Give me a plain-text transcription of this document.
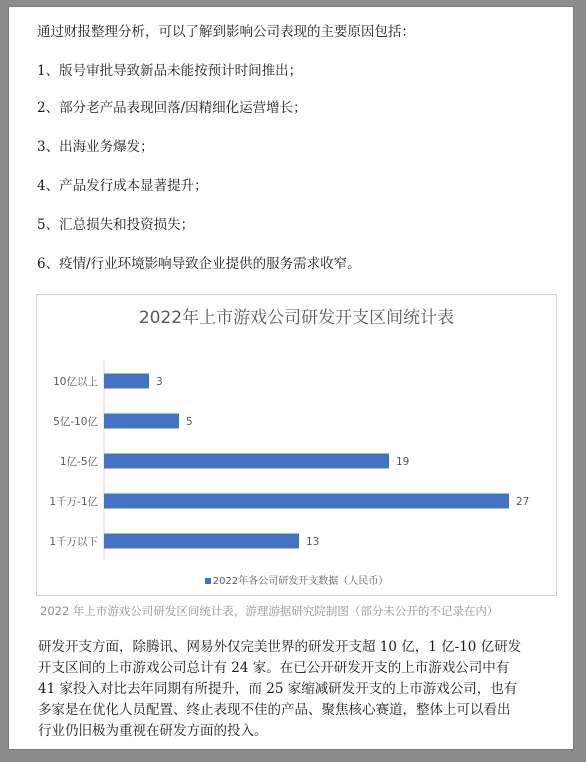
通过财报整理分析，可以了解到影响公司表现的主要原因包括：
1、版号审批导致新品未能按预计时间推出；
2、部分老产品表现回落/因精细化运营增长；
3、出海业务爆发；
4、产品发行成本显著提升；
5、汇总损失和投资损失；
6、疫情/行业环境影响导致企业提供的服务需求收窄。
2022年上市游戏公司研发开支区间统计表
10亿以上	3
5亿-10亿	5
1亿-5亿	19
1千万-1亿	27
1千万以下	13
2022年各公司研发开支数据（人民币）
2022 年上市游戏公司研发区间统计表，游理游据研究院制图（部分未公开的不记录在内）
研发开支方面，除腾讯、网易外仅完美世界的研发开支超 10 亿，1 亿-10 亿研发
开支区间的上市游戏公司总计有 24 家。在已公开研发开支的上市游戏公司中有
41 家投入对比去年同期有所提升，而 25 家缩减研发开支的上市游戏公司，也有
多家是在优化人员配置、终止表现不佳的产品、聚焦核心赛道，整体上可以看出
行业仍旧极为重视在研发方面的投入。
